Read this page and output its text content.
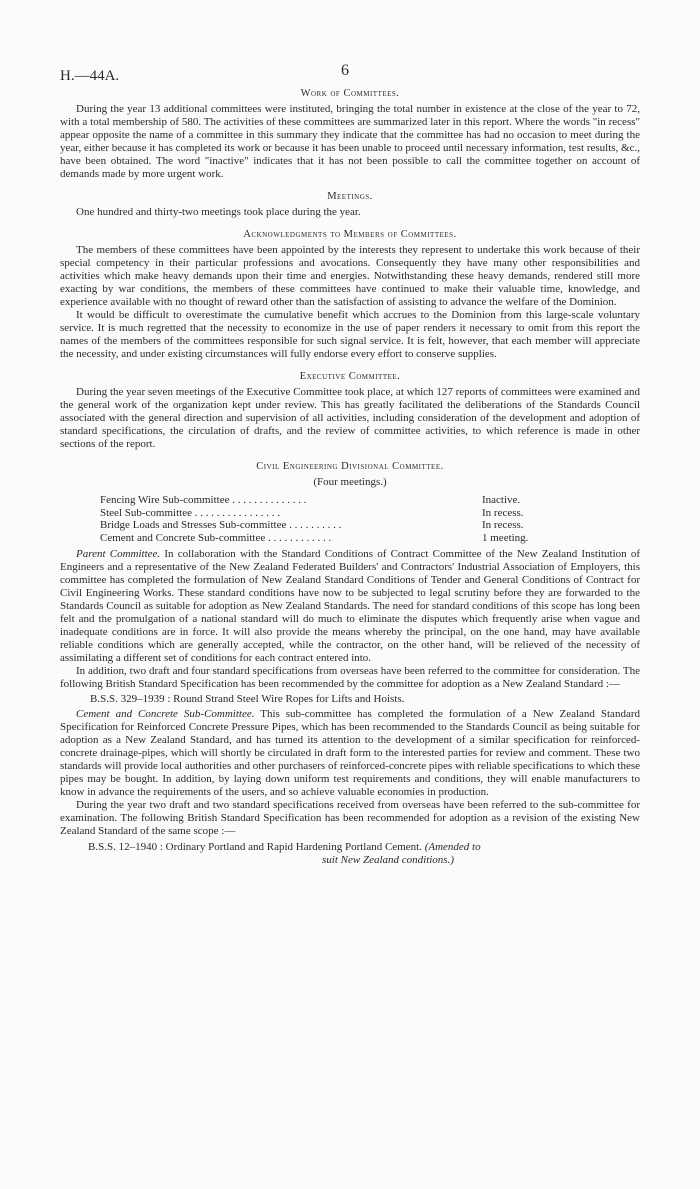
H.—44A.	6
Work of Committees.

During the year 13 additional committees were instituted, bringing the total number in existence at the close of the year to 72, with a total membership of 580. The activities of these committees are summarized later in this report. Where the words "in recess" appear opposite the name of a committee in this summary they indicate that the committee has had no occasion to meet during the year, either because it has completed its work or because it has been unable to proceed until necessary information, test results, &c., have been obtained. The word "inactive" indicates that it has not been possible to call the committee together on account of demands made by more urgent work.

Meetings.

One hundred and thirty-two meetings took place during the year.

Acknowledgments to Members of Committees.

The members of these committees have been appointed by the interests they represent to undertake this work because of their special competency in their particular professions and avocations. Consequently they have many other responsibilities and activities which make heavy demands upon their time and energies. Notwithstanding these heavy demands, rendered still more exacting by war conditions, the members of these committees have continued to make their valuable time, knowledge, and experience available with no thought of reward other than the satisfaction of assisting to advance the welfare of the Dominion.

It would be difficult to overestimate the cumulative benefit which accrues to the Dominion from this large-scale voluntary service. It is much regretted that the necessity to economize in the use of paper renders it necessary to omit from this report the names of the members of the committees responsible for such signal service. It is felt, however, that each member will appreciate the necessity, and under existing circumstances will fully endorse every effort to conserve supplies.

Executive Committee.

During the year seven meetings of the Executive Committee took place, at which 127 reports of committees were examined and the general work of the organization kept under review. This has greatly facilitated the deliberations of the Standards Council associated with the general direction and supervision of all activities, including consideration of the development and adoption of standard specifications, the circulation of drafts, and the review of committee activities, to which reference is made in other sections of the report.

Civil Engineering Divisional Committee.
(Four meetings.)
Fencing Wire Sub-committee . . . . . . . . . . . . . .	Inactive.
Steel Sub-committee . . . . . . . . . . . . . . . .	In recess.
Bridge Loads and Stresses Sub-committee . . . . . . . . . .	In recess.
Cement and Concrete Sub-committee . . . . . . . . . . . .	1 meeting.

Parent Committee. In collaboration with the Standard Conditions of Contract Committee of the New Zealand Institution of Engineers and a representative of the New Zealand Federated Builders' and Contractors' Industrial Association of Employers, this committee has completed the formulation of New Zealand Standard Conditions of Tender and General Conditions of Contract for Civil Engineering Works. These standard conditions have now to be subjected to legal scrutiny before they are forwarded to the Standards Council as suitable for adoption as New Zealand Standards. The need for standard conditions of this scope has long been felt and the promulgation of a national standard will do much to eliminate the disputes which frequently arise when vague and inadequate conditions are in force. It will also provide the means whereby the principal, on the one hand, may have available reliable conditions which are generally accepted, while the contractor, on the other hand, will be relieved of the necessity of assimilating a different set of conditions for each contract entered into.

In addition, two draft and four standard specifications from overseas have been referred to the committee for consideration. The following British Standard Specification has been recommended by the committee for adoption as a New Zealand Standard :—

B.S.S. 329–1939 : Round Strand Steel Wire Ropes for Lifts and Hoists.

Cement and Concrete Sub-Committee. This sub-committee has completed the formulation of a New Zealand Standard Specification for Reinforced Concrete Pressure Pipes, which has been recommended to the Standards Council as being suitable for adoption as a New Zealand Standard, and has turned its attention to the development of a similar specification for reinforced-concrete drainage-pipes, which will shortly be circulated in draft form to the interested parties for review and comment. These two standards will provide local authorities and other purchasers of reinforced-concrete pipes with reliable specifications to which these pipes may be bought. In addition, by laying down uniform test requirements and conditions, they will enable manufacturers to know in advance the requirements of the users, and so achieve valuable economies in production.

During the year two draft and two standard specifications received from overseas have been referred to the sub-committee for examination. The following British Standard Specification has been recommended for adoption as a revision of the existing New Zealand Standard of the same scope :—

B.S.S. 12–1940 : Ordinary Portland and Rapid Hardening Portland Cement. (Amended to
suit New Zealand conditions.)
